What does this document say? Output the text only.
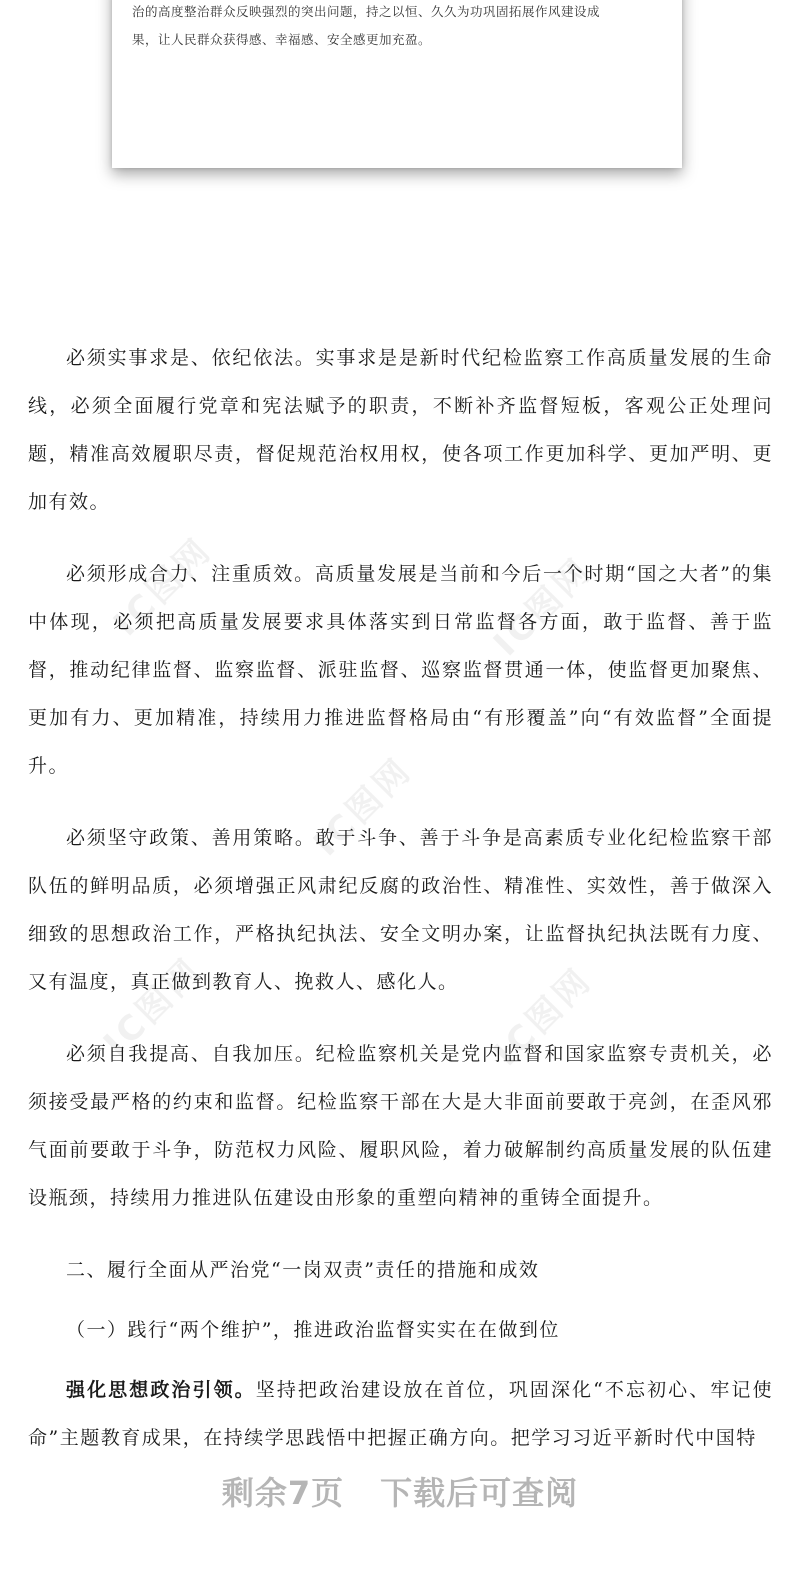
治的高度整治群众反映强烈的突出问题，持之以恒、久久为功巩固拓展作风建设成
果，让人民群众获得感、幸福感、安全感更加充盈。
IC图网
IC图网
IC图网
IC图网	IC图网

必须实事求是、依纪依法。实事求是是新时代纪检监察工作高质量发展的生命线，必须全面履行党章和宪法赋予的职责，不断补齐监督短板，客观公正处理问题，精准高效履职尽责，督促规范治权用权，使各项工作更加科学、更加严明、更加有效。

必须形成合力、注重质效。高质量发展是当前和今后一个时期“国之大者”的集中体现，必须把高质量发展要求具体落实到日常监督各方面，敢于监督、善于监督，推动纪律监督、监察监督、派驻监督、巡察监督贯通一体，使监督更加聚焦、更加有力、更加精准，持续用力推进监督格局由“有形覆盖”向“有效监督”全面提升。

必须坚守政策、善用策略。敢于斗争、善于斗争是高素质专业化纪检监察干部队伍的鲜明品质，必须增强正风肃纪反腐的政治性、精准性、实效性，善于做深入细致的思想政治工作，严格执纪执法、安全文明办案，让监督执纪执法既有力度、又有温度，真正做到教育人、挽救人、感化人。

必须自我提高、自我加压。纪检监察机关是党内监督和国家监察专责机关，必须接受最严格的约束和监督。纪检监察干部在大是大非面前要敢于亮剑，在歪风邪气面前要敢于斗争，防范权力风险、履职风险，着力破解制约高质量发展的队伍建设瓶颈，持续用力推进队伍建设由形象的重塑向精神的重铸全面提升。

二、履行全面从严治党“一岗双责”责任的措施和成效

（一）践行“两个维护”，推进政治监督实实在在做到位

强化思想政治引领。坚持把政治建设放在首位，巩固深化“不忘初心、牢记使命”主题教育成果，在持续学思践悟中把握正确方向。把学习习近平新时代中国特

剩余7页 下载后可查阅
